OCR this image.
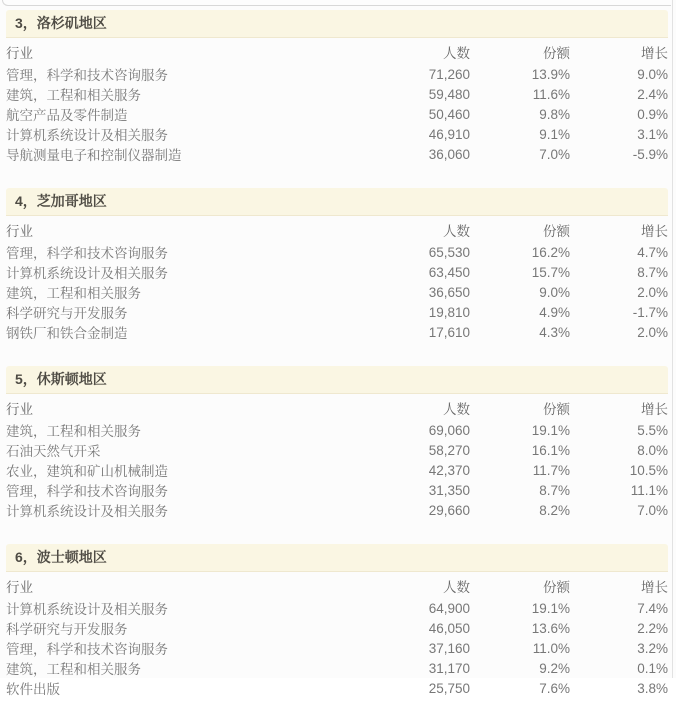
3，洛杉矶地区
行业	人数	份额	增长
管理，科学和技术咨询服务	71,260	13.9%	9.0%
建筑，工程和相关服务	59,480	11.6%	2.4%
航空产品及零件制造	50,460	9.8%	0.9%
计算机系统设计及相关服务	46,910	9.1%	3.1%
导航测量电子和控制仪器制造	36,060	7.0%	-5.9%
4，芝加哥地区
行业	人数	份额	增长
管理，科学和技术咨询服务	65,530	16.2%	4.7%
计算机系统设计及相关服务	63,450	15.7%	8.7%
建筑，工程和相关服务	36,650	9.0%	2.0%
科学研究与开发服务	19,810	4.9%	-1.7%
钢铁厂和铁合金制造	17,610	4.3%	2.0%
5，休斯顿地区
行业	人数	份额	增长
建筑，工程和相关服务	69,060	19.1%	5.5%
石油天然气开采	58,270	16.1%	8.0%
农业，建筑和矿山机械制造	42,370	11.7%	10.5%
管理，科学和技术咨询服务	31,350	8.7%	11.1%
计算机系统设计及相关服务	29,660	8.2%	7.0%
6，波士顿地区
行业	人数	份额	增长
计算机系统设计及相关服务	64,900	19.1%	7.4%
科学研究与开发服务	46,050	13.6%	2.2%
管理，科学和技术咨询服务	37,160	11.0%	3.2%
建筑，工程和相关服务	31,170	9.2%	0.1%
软件出版	25,750	7.6%	3.8%
